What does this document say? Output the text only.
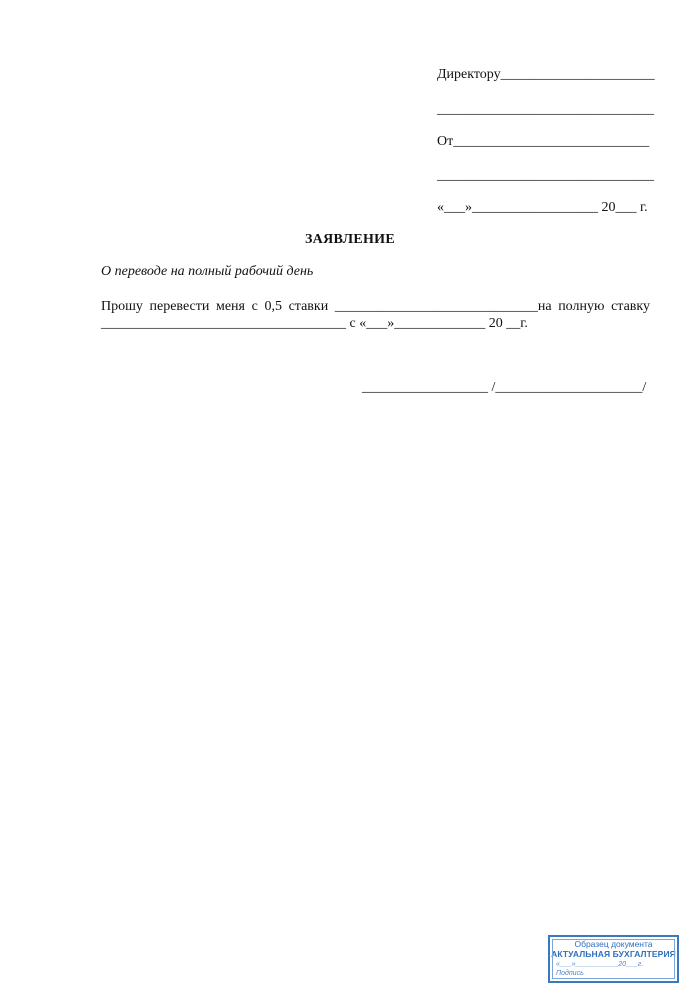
Директору______________________
_______________________________
От____________________________
_______________________________
«___»__________________ 20___ г.
ЗАЯВЛЕНИЕ
О переводе на полный рабочий день
Прошу перевести меня с 0,5 ставки _____________________________на полную ставку
___________________________________ с «___»_____________ 20 __г.
__________________ /_____________________/
Образец документа
АКТУАЛЬНАЯ БУХГАЛТЕРИЯ
«___»___________20___г.
Подпись
